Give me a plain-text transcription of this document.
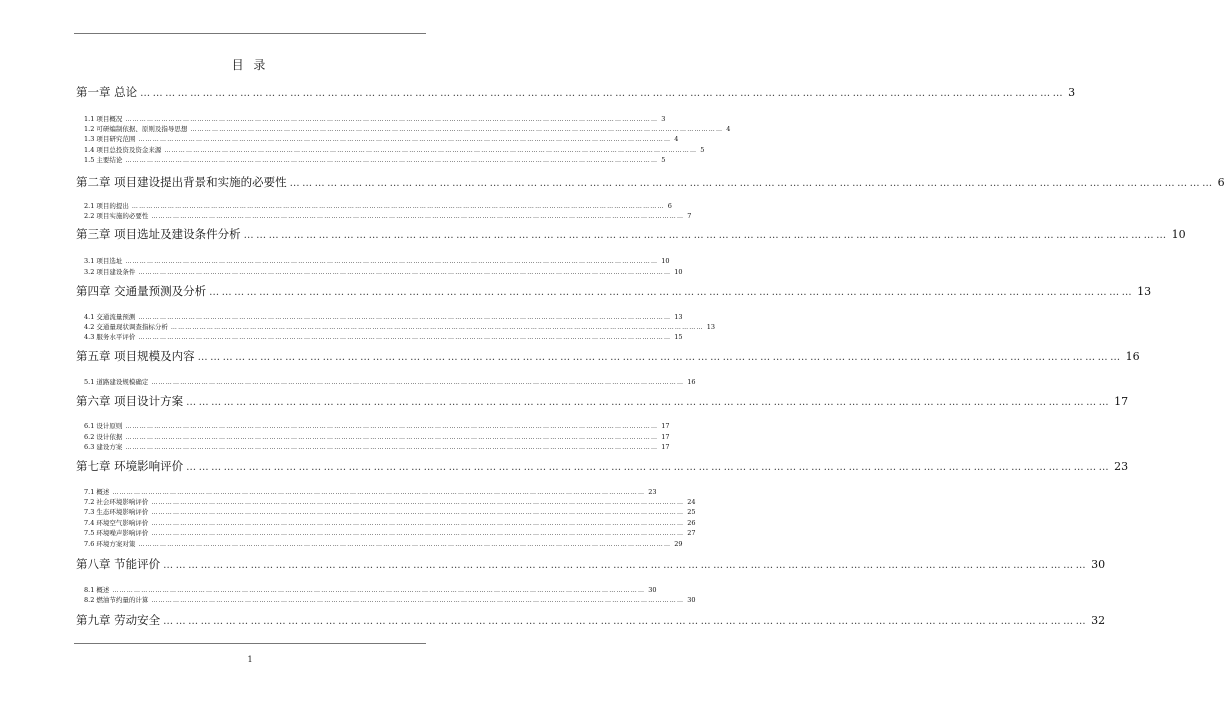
目 录
第一章 总论 …………………………………………………………………………………………………………………………………………………………………………………………………… 3
1.1 项目概况 …………………………………………………………………………………………………………………………………………………………………………………………………… 3
1.2 可研编制依据、原则及指导思想 …………………………………………………………………………………………………………………………………………………………………………………………………… 4
1.3 项目研究范围 …………………………………………………………………………………………………………………………………………………………………………………………………… 4
1.4 项目总投资及资金来源 …………………………………………………………………………………………………………………………………………………………………………………………………… 5
1.5 主要结论 …………………………………………………………………………………………………………………………………………………………………………………………………… 5
第二章 项目建设提出背景和实施的必要性 …………………………………………………………………………………………………………………………………………………………………………………………………… 6
2.1 项目的提出 …………………………………………………………………………………………………………………………………………………………………………………………………… 6
2.2 项目实施的必要性 …………………………………………………………………………………………………………………………………………………………………………………………………… 7
第三章 项目选址及建设条件分析 …………………………………………………………………………………………………………………………………………………………………………………………………… 10
3.1 项目选址 …………………………………………………………………………………………………………………………………………………………………………………………………… 10
3.2 项目建设条件 …………………………………………………………………………………………………………………………………………………………………………………………………… 10
第四章 交通量预测及分析 …………………………………………………………………………………………………………………………………………………………………………………………………… 13
4.1 交通流量预测 …………………………………………………………………………………………………………………………………………………………………………………………………… 13
4.2 交通量现状调查指标分析 …………………………………………………………………………………………………………………………………………………………………………………………………… 13
4.3 服务水平评价 …………………………………………………………………………………………………………………………………………………………………………………………………… 15
第五章 项目规模及内容 …………………………………………………………………………………………………………………………………………………………………………………………………… 16
5.1 道路建设规模确定 …………………………………………………………………………………………………………………………………………………………………………………………………… 16
第六章 项目设计方案 …………………………………………………………………………………………………………………………………………………………………………………………………… 17
6.1 设计原则 …………………………………………………………………………………………………………………………………………………………………………………………………… 17
6.2 设计依据 …………………………………………………………………………………………………………………………………………………………………………………………………… 17
6.3 建设方案 …………………………………………………………………………………………………………………………………………………………………………………………………… 17
第七章 环境影响评价 …………………………………………………………………………………………………………………………………………………………………………………………………… 23
7.1 概述 …………………………………………………………………………………………………………………………………………………………………………………………………… 23
7.2 社会环境影响评价 …………………………………………………………………………………………………………………………………………………………………………………………………… 24
7.3 生态环境影响评价 …………………………………………………………………………………………………………………………………………………………………………………………………… 25
7.4 环境空气影响评价 …………………………………………………………………………………………………………………………………………………………………………………………………… 26
7.5 环境噪声影响评价 …………………………………………………………………………………………………………………………………………………………………………………………………… 27
7.6 环境方案对策 …………………………………………………………………………………………………………………………………………………………………………………………………… 29
第八章 节能评价 …………………………………………………………………………………………………………………………………………………………………………………………………… 30
8.1 概述 …………………………………………………………………………………………………………………………………………………………………………………………………… 30
8.2 燃油节约量的计算 …………………………………………………………………………………………………………………………………………………………………………………………………… 30
第九章 劳动安全 …………………………………………………………………………………………………………………………………………………………………………………………………… 32
1
